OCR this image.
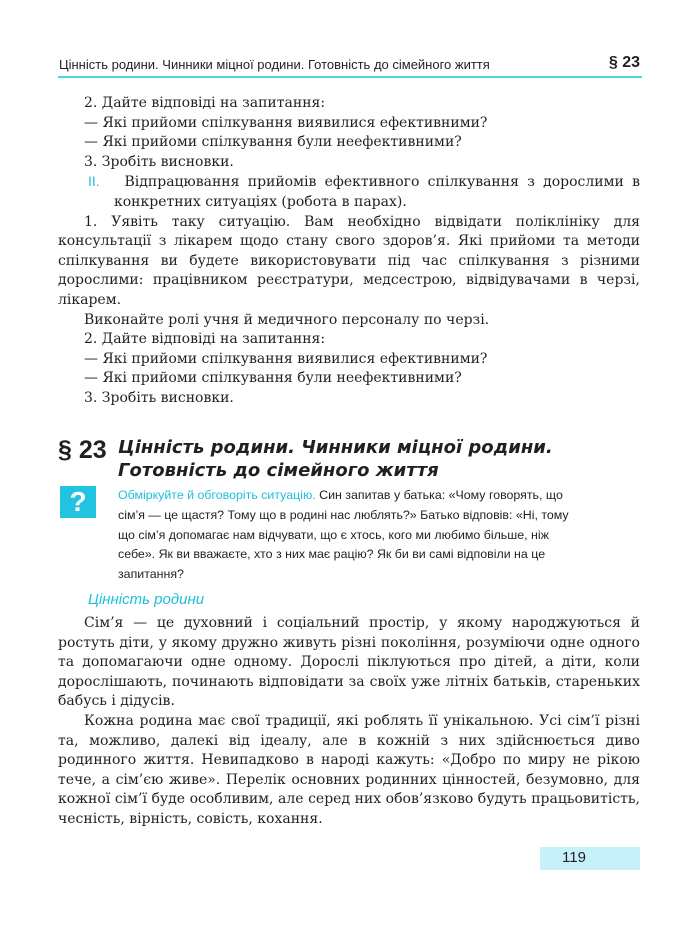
Цінність родини. Чинники міцної родини. Готовність до сімейного життя	§ 23

2. Дайте відповіді на запитання:

— Які прийоми спілкування виявилися ефективними?

— Які прийоми спілкування були неефективними?

3. Зробіть висновки.

II. Відпрацювання прийомів ефективного спілкування з дорослими в конкретних ситуаціях (робота в парах).

1. Уявіть таку ситуацію. Вам необхідно відвідати поліклініку для консультації з лікарем щодо стану свого здоров’я. Які прийоми та методи спілкування ви будете використовувати під час спілкування з різними дорослими: працівником реєстратури, медсестрою, відвідувачами в черзі, лікарем.

Виконайте ролі учня й медичного персоналу по черзі.

2. Дайте відповіді на запитання:

— Які прийоми спілкування виявилися ефективними?

— Які прийоми спілкування були неефективними?

3. Зробіть висновки.

§ 23 Цінність родини. Чинники міцної родини.
Готовність до сімейного життя
?	Обміркуйте й обговоріть ситуацію. Син запитав у батька: «Чому говорять, що сім’я — це щастя? Тому що в родині нас люблять?» Батько відповів: «Ні, тому що сім’я допомагає нам відчувати, що є хтось, кого ми любимо більше, ніж себе». Як ви вважаєте, хто з них має рацію? Як би ви самі відповіли на це запитання?
Цінність родини

Сім’я — це духовний і соціальний простір, у якому народжуються й ростуть діти, у якому дружно живуть різні покоління, розуміючи одне одного та допомагаючи одне одному. Дорослі піклуються про дітей, а діти, коли дорослішають, починають відповідати за своїх уже літніх батьків, стареньких бабусь і дідусів.

Кожна родина має свої традиції, які роблять її унікальною. Усі сім’ї різні та, можливо, далекі від ідеалу, але в кожній з них здійснюється диво родинного життя. Невипадково в народі кажуть: «Добро по миру не рікою тече, а сім’єю живе». Перелік основних родинних цінностей, безумовно, для кожної сім’ї буде особливим, але серед них обов’язково будуть працьовитість, чесність, вірність, совість, кохання.

119
